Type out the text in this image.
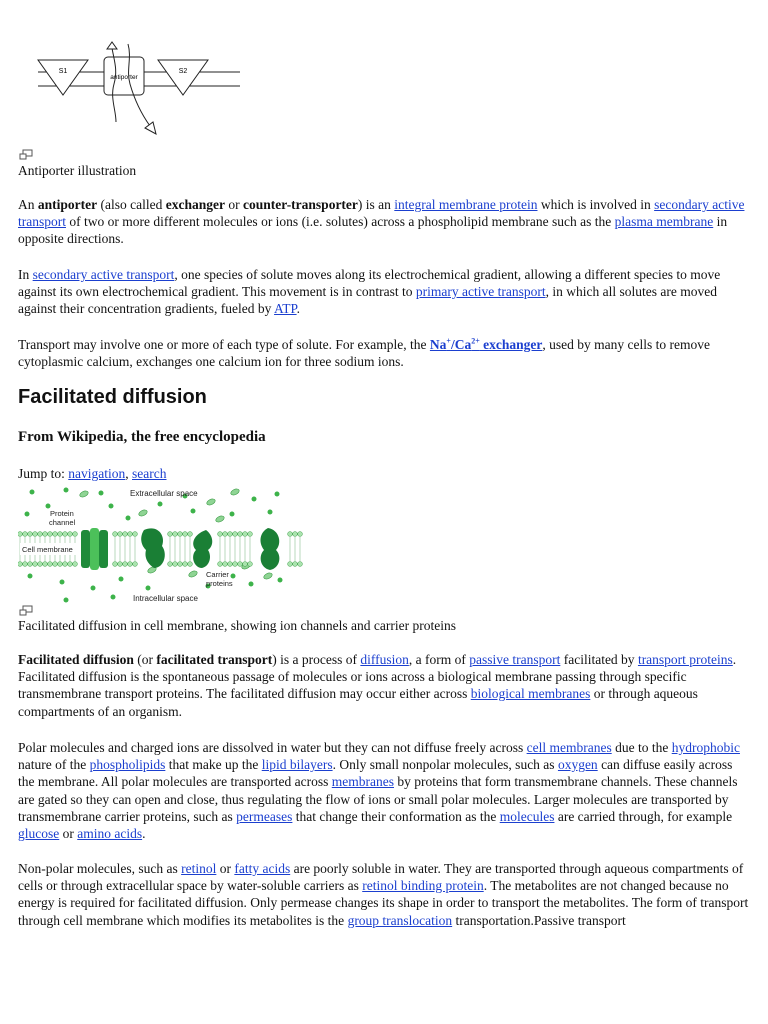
S1	S2
antiporter

Antiporter illustration

An antiporter (also called exchanger or counter-transporter) is an integral membrane protein which is involved in secondary active transport of two or more different molecules or ions (i.e. solutes) across a phospholipid membrane such as the plasma membrane in opposite directions.

In secondary active transport, one species of solute moves along its electrochemical gradient, allowing a different species to move against its own electrochemical gradient. This movement is in contrast to primary active transport, in which all solutes are moved against their concentration gradients, fueled by ATP.

Transport may involve one or more of each type of solute. For example, the $Na^+/Ca^{2+}$ exchanger, used by many cells to remove cytoplasmic calcium, exchanges one calcium ion for three sodium ions.

Facilitated diffusion
From Wikipedia, the free encyclopedia

Jump to: navigation, search

Extracellular space
Protein
channel
Cell membrane
Carrier
proteins
Intracellular space

Facilitated diffusion in cell membrane, showing ion channels and carrier proteins

Facilitated diffusion (or facilitated transport) is a process of diffusion, a form of passive transport facilitated by transport proteins. Facilitated diffusion is the spontaneous passage of molecules or ions across a biological membrane passing through specific transmembrane transport proteins. The facilitated diffusion may occur either across biological membranes or through aqueous compartments of an organism.

Polar molecules and charged ions are dissolved in water but they can not diffuse freely across cell membranes due to the hydrophobic nature of the phospholipids that make up the lipid bilayers. Only small nonpolar molecules, such as oxygen can diffuse easily across the membrane. All polar molecules are transported across membranes by proteins that form transmembrane channels. These channels are gated so they can open and close, thus regulating the flow of ions or small polar molecules. Larger molecules are transported by transmembrane carrier proteins, such as permeases that change their conformation as the molecules are carried through, for example glucose or amino acids.

Non-polar molecules, such as retinol or fatty acids are poorly soluble in water. They are transported through aqueous compartments of cells or through extracellular space by water-soluble carriers as retinol binding protein. The metabolites are not changed because no energy is required for facilitated diffusion. Only permease changes its shape in order to transport the metabolites. The form of transport through cell membrane which modifies its metabolites is the group translocation transportation.Passive transport
